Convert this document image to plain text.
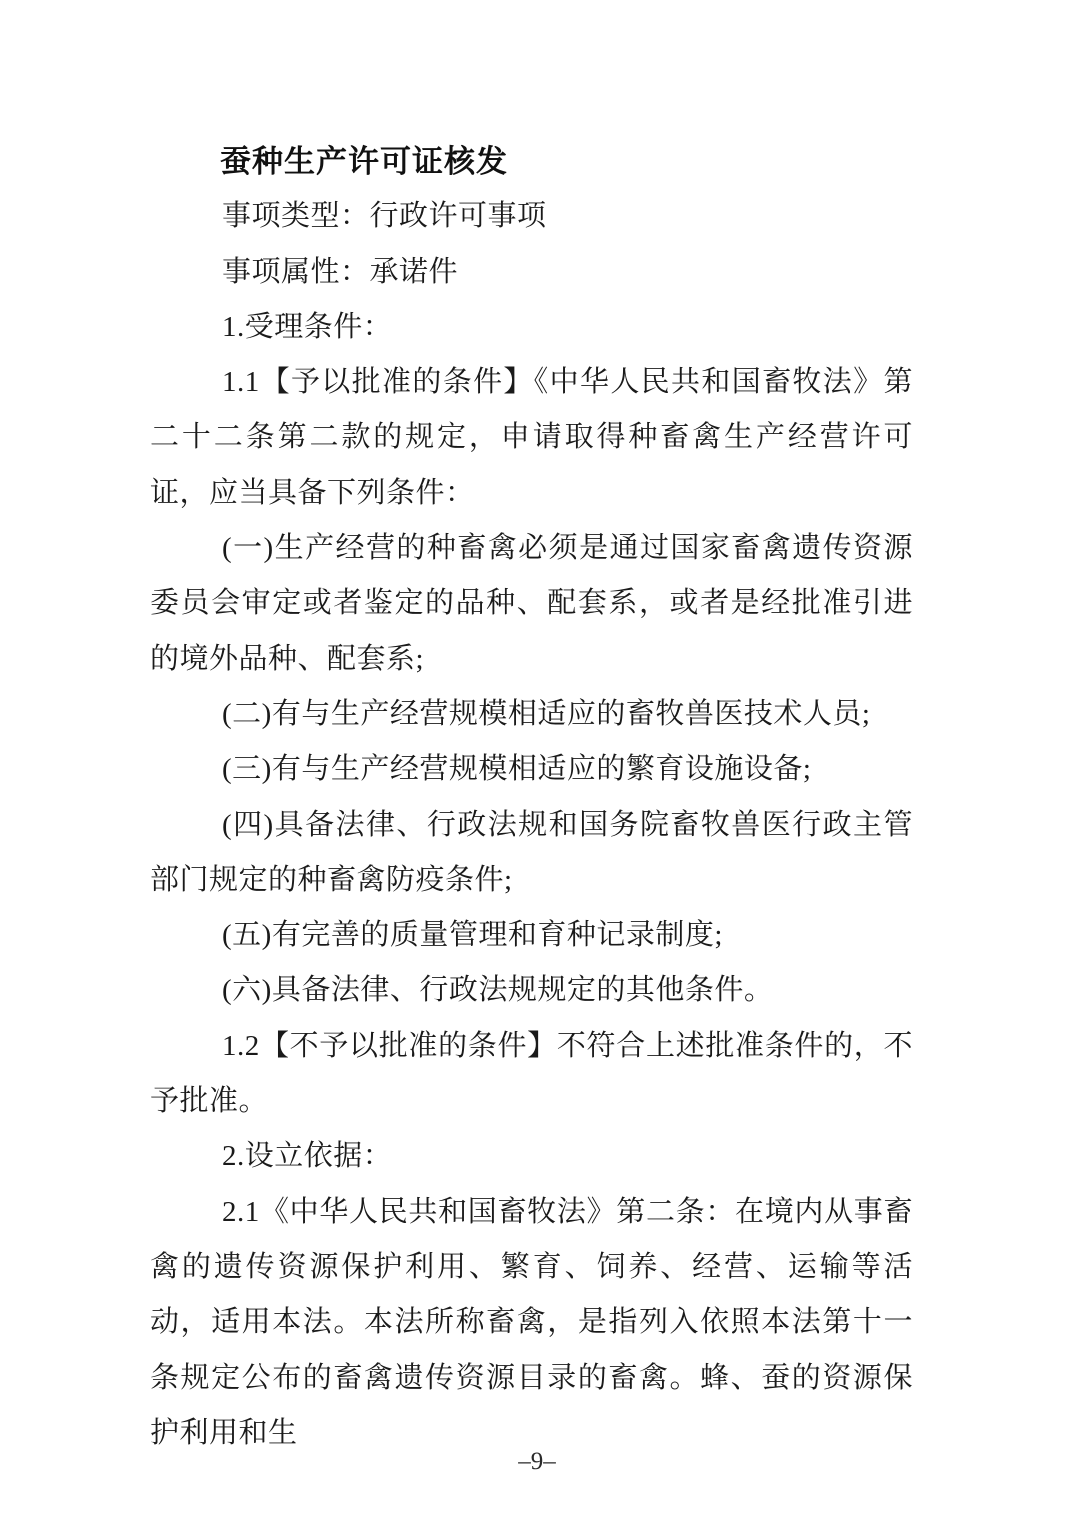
蚕种生产许可证核发

事项类型：行政许可事项

事项属性：承诺件

1.受理条件：

1.1【予以批准的条件】《中华人民共和国畜牧法》第二十二条第二款的规定，申请取得种畜禽生产经营许可证，应当具备下列条件：

(一)生产经营的种畜禽必须是通过国家畜禽遗传资源委员会审定或者鉴定的品种、配套系，或者是经批准引进的境外品种、配套系;

(二)有与生产经营规模相适应的畜牧兽医技术人员;

(三)有与生产经营规模相适应的繁育设施设备;

(四)具备法律、行政法规和国务院畜牧兽医行政主管部门规定的种畜禽防疫条件;

(五)有完善的质量管理和育种记录制度;

(六)具备法律、行政法规规定的其他条件。

1.2【不予以批准的条件】不符合上述批准条件的，不予批准。

2.设立依据：

2.1《中华人民共和国畜牧法》第二条：在境内从事畜禽的遗传资源保护利用、繁育、饲养、经营、运输等活动，适用本法。本法所称畜禽，是指列入依照本法第十一条规定公布的畜禽遗传资源目录的畜禽。蜂、蚕的资源保护利用和生

–9–
